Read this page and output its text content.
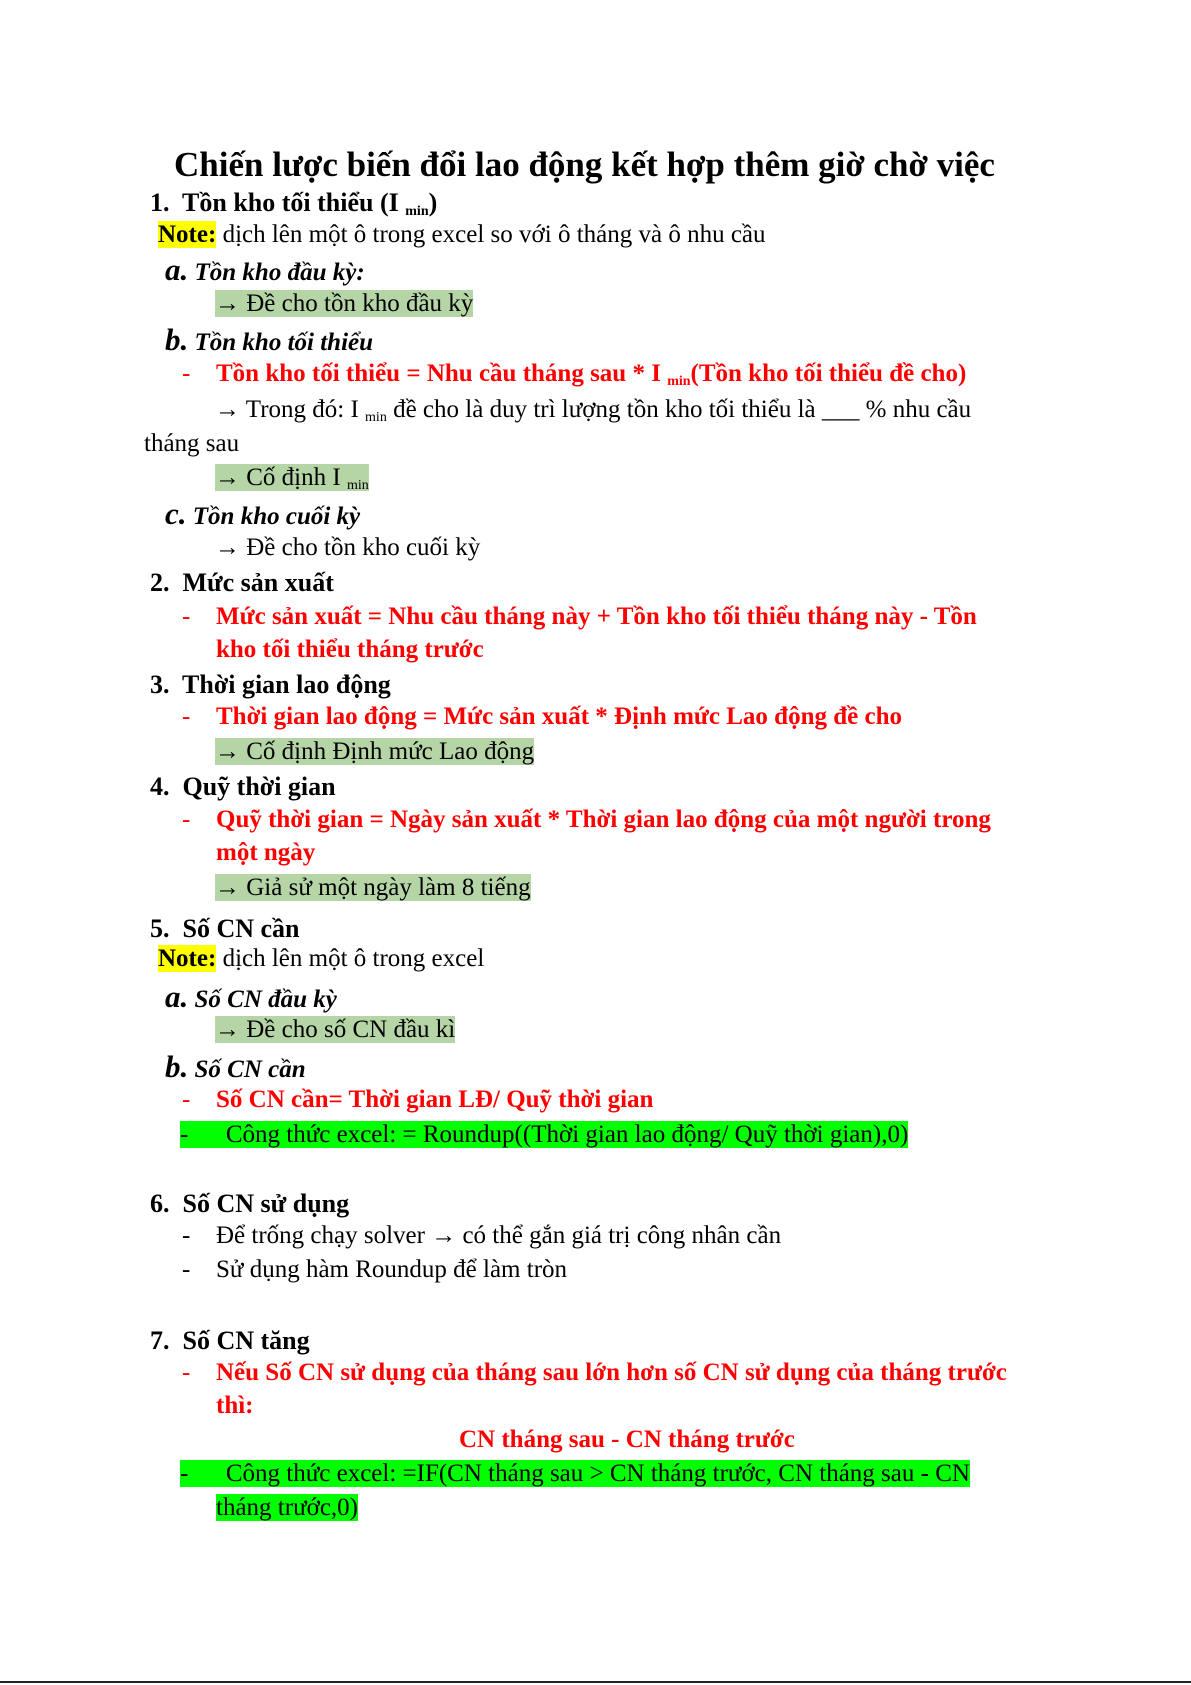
Chiến lược biến đổi lao động kết hợp thêm giờ chờ việc
1. Tồn kho tối thiểu (I $_{min}$)
Note: dịch lên một ô trong excel so với ô tháng và ô nhu cầu
a. Tồn kho đầu kỳ:
→ Đề cho tồn kho đầu kỳ
b. Tồn kho tối thiểu
- Tồn kho tối thiểu = Nhu cầu tháng sau * I $_{min}$(Tồn kho tối thiểu đề cho)
→ Trong đó: I $_{min}$ đề cho là duy trì lượng tồn kho tối thiểu là ___ % nhu cầu
tháng sau
→ Cố định I $_{min}$
c. Tồn kho cuối kỳ
→ Đề cho tồn kho cuối kỳ
2. Mức sản xuất
- Mức sản xuất = Nhu cầu tháng này + Tồn kho tối thiểu tháng này - Tồn
kho tối thiểu tháng trước
3. Thời gian lao động
- Thời gian lao động = Mức sản xuất * Định mức Lao động đề cho
→ Cố định Định mức Lao động
4. Quỹ thời gian
- Quỹ thời gian = Ngày sản xuất * Thời gian lao động của một người trong
một ngày
→ Giả sử một ngày làm 8 tiếng
5. Số CN cần
Note: dịch lên một ô trong excel
a. Số CN đầu kỳ
→ Đề cho số CN đầu kì
b. Số CN cần
- Số CN cần= Thời gian LĐ/ Quỹ thời gian
- Công thức excel: = Roundup((Thời gian lao động/ Quỹ thời gian),0)
6. Số CN sử dụng
- Để trống chạy solver → có thể gắn giá trị công nhân cần
- Sử dụng hàm Roundup để làm tròn
7. Số CN tăng
- Nếu Số CN sử dụng của tháng sau lớn hơn số CN sử dụng của tháng trước
thì:
CN tháng sau - CN tháng trước
- Công thức excel: =IF(CN tháng sau > CN tháng trước, CN tháng sau - CN
tháng trước,0)
